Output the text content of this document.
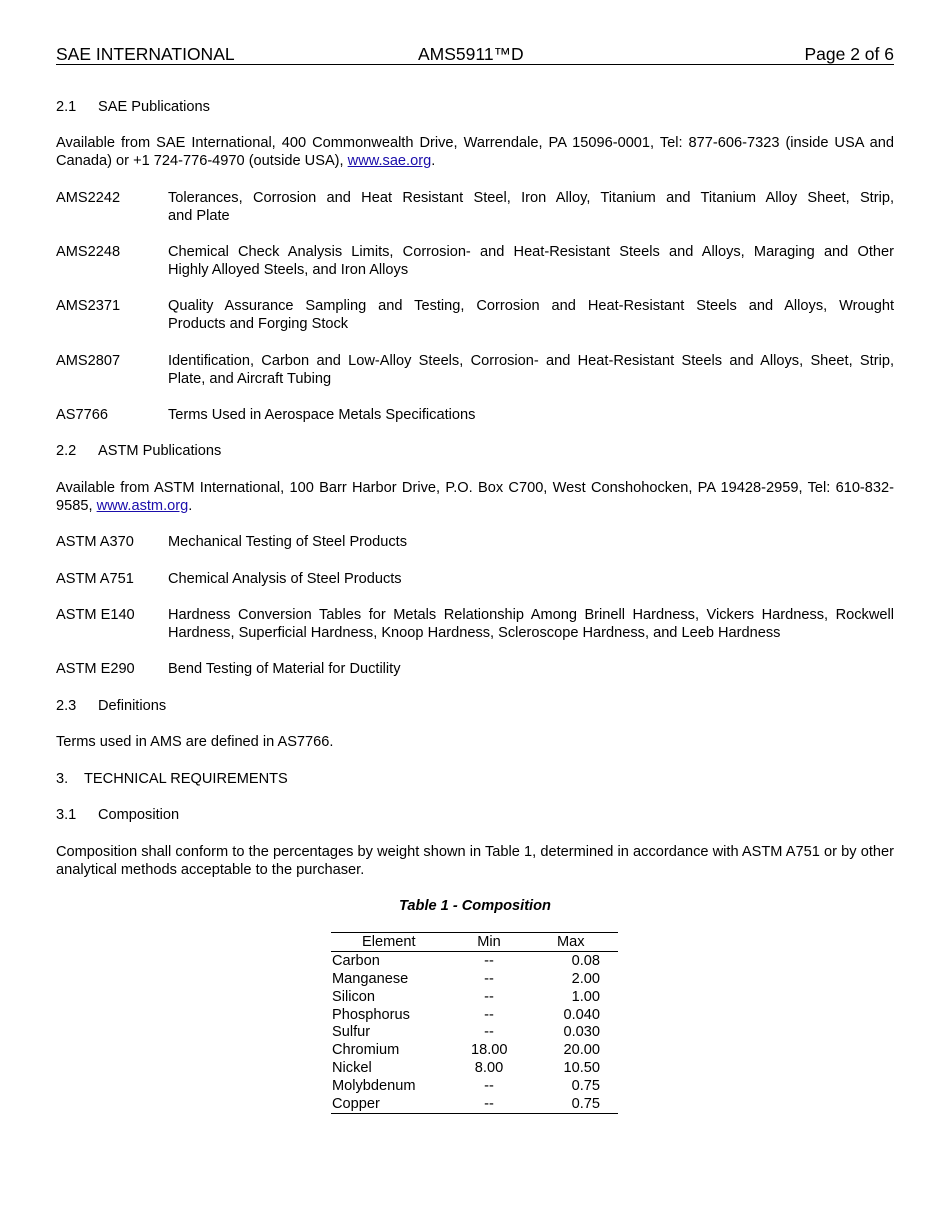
SAE INTERNATIONAL	AMS5911™D	Page 2 of 6
2.1 SAE Publications
Available from SAE International, 400 Commonwealth Drive, Warrendale, PA 15096-0001, Tel: 877-606-7323 (inside USA and Canada) or +1 724-776-4970 (outside USA), www.sae.org.
AMS2242	Tolerances, Corrosion and Heat Resistant Steel, Iron Alloy, Titanium and Titanium Alloy Sheet, Strip,
and Plate
AMS2248	Chemical Check Analysis Limits, Corrosion- and Heat-Resistant Steels and Alloys, Maraging and Other
Highly Alloyed Steels, and Iron Alloys
AMS2371	Quality Assurance Sampling and Testing, Corrosion and Heat-Resistant Steels and Alloys, Wrought
Products and Forging Stock
AMS2807	Identification, Carbon and Low-Alloy Steels, Corrosion- and Heat-Resistant Steels and Alloys, Sheet, Strip,
Plate, and Aircraft Tubing
AS7766	Terms Used in Aerospace Metals Specifications
2.2 ASTM Publications
Available from ASTM International, 100 Barr Harbor Drive, P.O. Box C700, West Conshohocken, PA 19428-2959, Tel: 610-832-9585, www.astm.org.
ASTM A370 Mechanical Testing of Steel Products
ASTM A751 Chemical Analysis of Steel Products
ASTM E140 Hardness Conversion Tables for Metals Relationship Among Brinell Hardness, Vickers Hardness, Rockwell
Hardness, Superficial Hardness, Knoop Hardness, Scleroscope Hardness, and Leeb Hardness
ASTM E290 Bend Testing of Material for Ductility
2.3 Definitions
Terms used in AMS are defined in AS7766.
3. TECHNICAL REQUIREMENTS
3.1 Composition
Composition shall conform to the percentages by weight shown in Table 1, determined in accordance with ASTM A751 or by other analytical methods acceptable to the purchaser.
Table 1 - Composition
Element	Min	Max
Carbon	--	0.08
Manganese	--	2.00
Silicon	--	1.00
Phosphorus	--	0.040
Sulfur	--	0.030
Chromium	18.00	20.00
Nickel	8.00	10.50
Molybdenum	--	0.75
Copper	--	0.75
